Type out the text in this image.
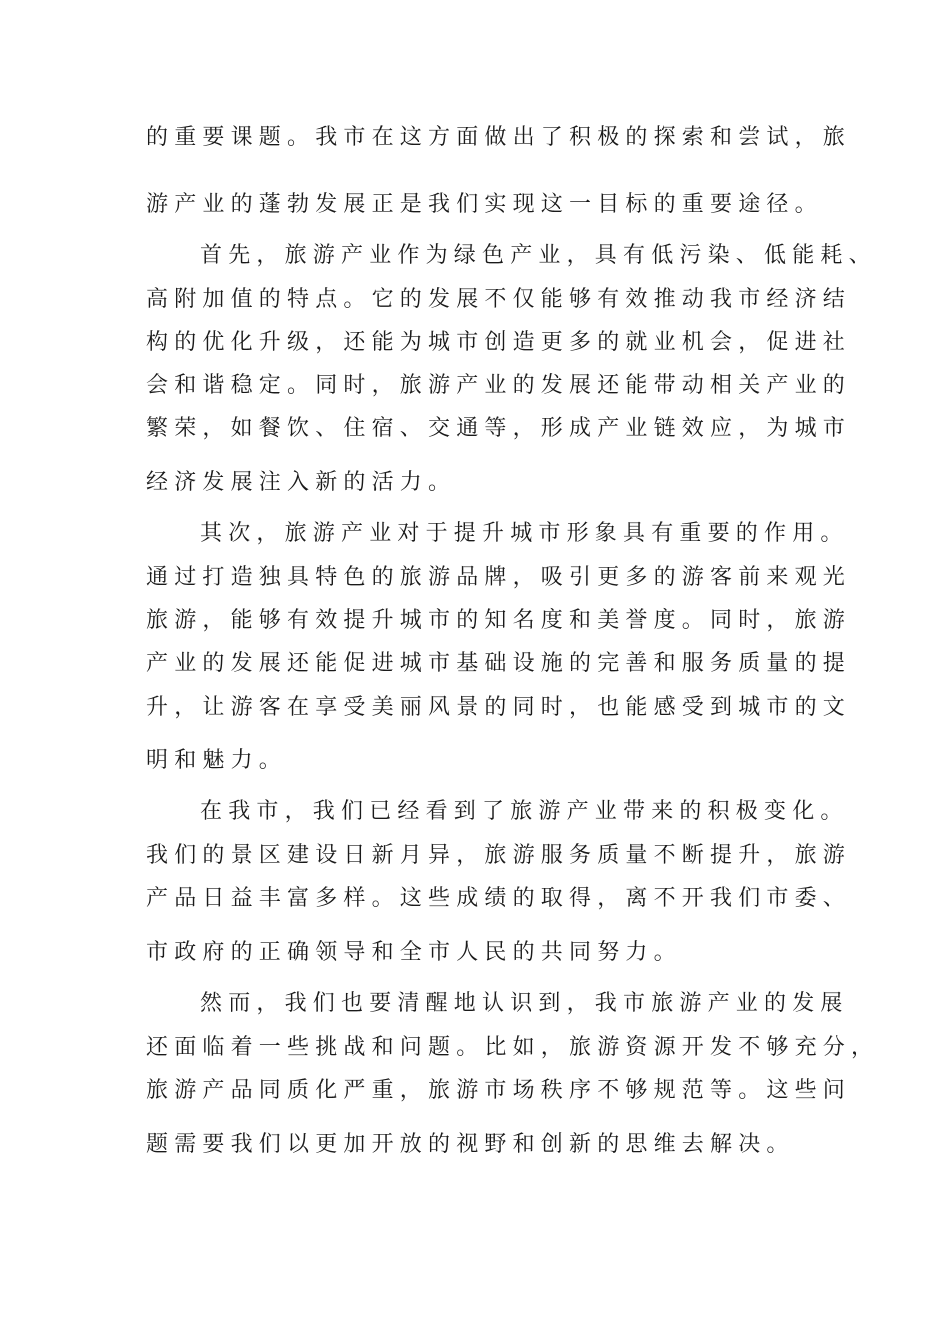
的重要课题。我市在这方面做出了积极的探索和尝试，旅

游产业的蓬勃发展正是我们实现这一目标的重要途径。

首先，旅游产业作为绿色产业，具有低污染、低能耗、

高附加值的特点。它的发展不仅能够有效推动我市经济结

构的优化升级，还能为城市创造更多的就业机会，促进社

会和谐稳定。同时，旅游产业的发展还能带动相关产业的

繁荣，如餐饮、住宿、交通等，形成产业链效应，为城市

经济发展注入新的活力。

其次，旅游产业对于提升城市形象具有重要的作用。

通过打造独具特色的旅游品牌，吸引更多的游客前来观光

旅游，能够有效提升城市的知名度和美誉度。同时，旅游

产业的发展还能促进城市基础设施的完善和服务质量的提

升，让游客在享受美丽风景的同时，也能感受到城市的文

明和魅力。

在我市，我们已经看到了旅游产业带来的积极变化。

我们的景区建设日新月异，旅游服务质量不断提升，旅游

产品日益丰富多样。这些成绩的取得，离不开我们市委、

市政府的正确领导和全市人民的共同努力。

然而，我们也要清醒地认识到，我市旅游产业的发展

还面临着一些挑战和问题。比如，旅游资源开发不够充分，

旅游产品同质化严重，旅游市场秩序不够规范等。这些问

题需要我们以更加开放的视野和创新的思维去解决。
